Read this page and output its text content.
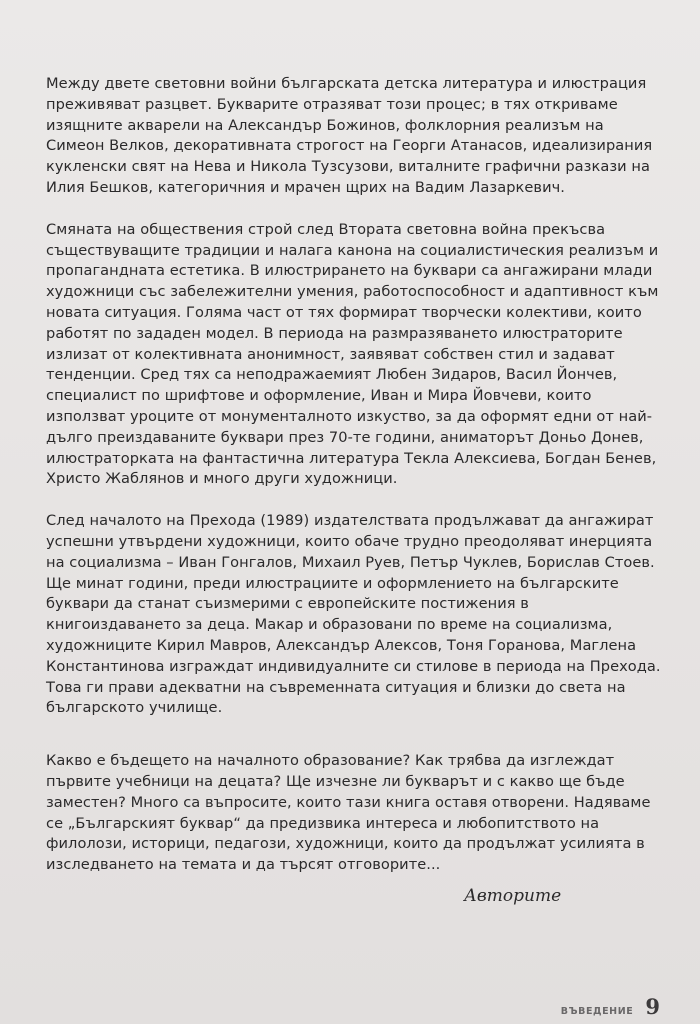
Между двете световни войни българската детска литература и илюстрация преживяват разцвет. Букварите отразяват този процес; в тях откриваме изящните акварели на Александър Божинов, фолклорния реализъм на Симеон Велков, декоративната строгост на Георги Атанасов, идеализирания кукленски свят на Нева и Никола Тузсузови, виталните графични разкази на Илия Бешков, категоричния и мрачен щрих на Вадим Лазаркевич.

Смяната на обществения строй след Втората световна война прекъсва съществуващите традиции и налага канона на социалистическия реализъм и пропагандната естетика. В илюстрирането на буквари са ангажирани млади художници със забележителни умения, работоспособност и адаптивност към новата ситуация. Голяма част от тях формират творчески колективи, които работят по зададен модел. В периода на размразяването илюстраторите излизат от колективната анонимност, заявяват собствен стил и задават тенденции. Сред тях са неподражаемият Любен Зидаров, Васил Йончев, специалист по шрифтове и оформление, Иван и Мира Йовчеви, които използват уроците от монументалното изкуство, за да оформят едни от най-дълго преиздаваните буквари през 70-те години, аниматорът Доньо Донев, илюстраторката на фантастична литература Текла Алексиева, Богдан Бенев, Христо Жаблянов и много други художници.

След началото на Прехода (1989) издателствата продължават да ангажират успешни утвърдени художници, които обаче трудно преодоляват инерцията на социализма – Иван Гонгалов, Михаил Руев, Петър Чуклев, Борислав Стоев. Ще минат години, преди илюстрациите и оформлението на българските буквари да станат съизмерими с европейските постижения в книгоиздаването за деца. Макар и образовани по време на социализма, художниците Кирил Мавров, Александър Алексов, Тоня Горанова, Маглена Константинова изграждат индивидуалните си стилове в периода на Прехода. Това ги прави адекватни на съвременната ситуация и близки до света на българското училище.

Какво е бъдещето на началното образование? Как трябва да изглеждат първите учебници на децата? Ще изчезне ли букварът и с какво ще бъде заместен? Много са въпросите, които тази книга оставя отворени. Надяваме се „Българският буквар“ да предизвика интереса и любопитството на филолози, историци, педагози, художници, които да продължат усилията в изследването на темата и да търсят отговорите...

Авторите
ВЪВЕДЕНИЕ 9
